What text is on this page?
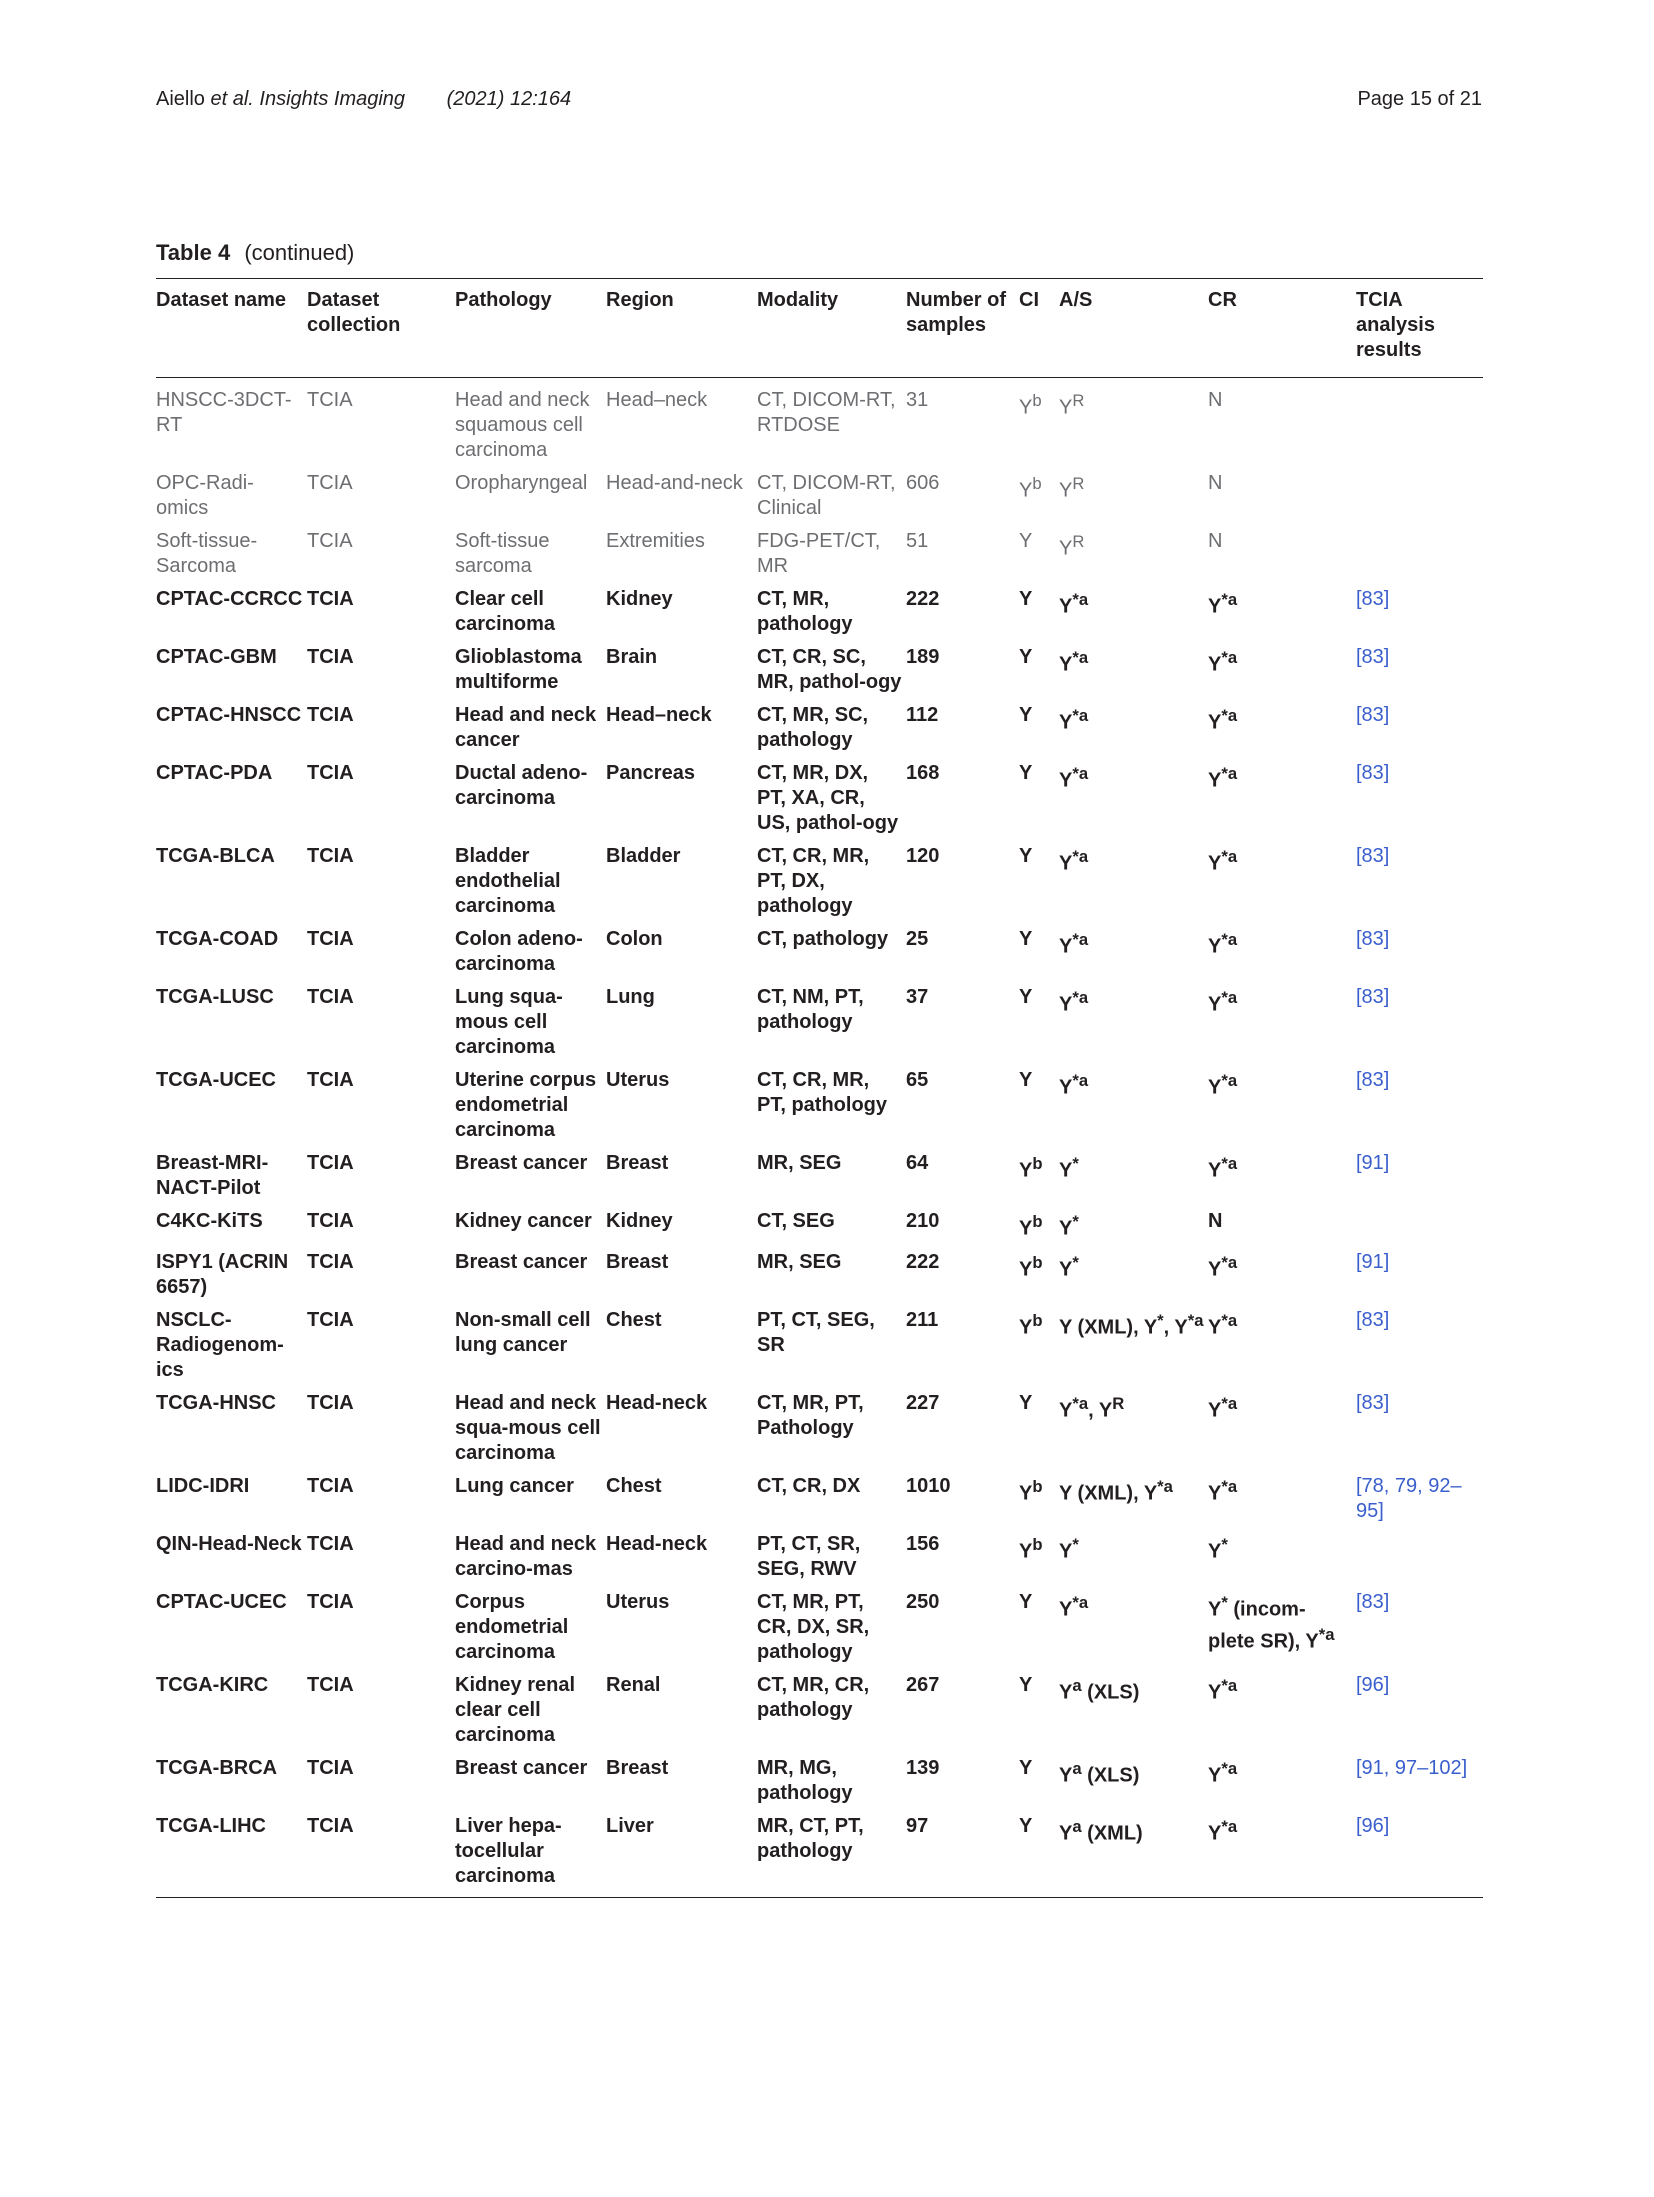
Aiello et al. Insights Imaging (2021) 12:164	Page 15 of 21
Table 4 (continued)
Dataset name	Dataset collection	Pathology	Region	Modality	Number of samples	CI	A/S	CR	TCIA analysis results
HNSCC-3DCT-RT	TCIA	Head and neck squamous cell carcinoma	Head–neck	CT, DICOM-RT, RTDOSE	31	$Y^b$	$Y^R$	N	
OPC-Radi-omics	TCIA	Oropharyngeal	Head-and-neck	CT, DICOM-RT, Clinical	606	$Y^b$	$Y^R$	N	
Soft-tissue-Sarcoma	TCIA	Soft-tissue sarcoma	Extremities	FDG-PET/CT, MR	51	Y	$Y^R$	N	
CPTAC-CCRCC	TCIA	Clear cell carcinoma	Kidney	CT, MR, pathology	222	Y	$Y^{*a}$	$Y^{*a}$	[83]
CPTAC-GBM	TCIA	Glioblastoma multiforme	Brain	CT, CR, SC, MR, pathol-ogy	189	Y	$Y^{*a}$	$Y^{*a}$	[83]
CPTAC-HNSCC	TCIA	Head and neck cancer	Head–neck	CT, MR, SC, pathology	112	Y	$Y^{*a}$	$Y^{*a}$	[83]
CPTAC-PDA	TCIA	Ductal adeno-carcinoma	Pancreas	CT, MR, DX, PT, XA, CR, US, pathol-ogy	168	Y	$Y^{*a}$	$Y^{*a}$	[83]
TCGA-BLCA	TCIA	Bladder endothelial carcinoma	Bladder	CT, CR, MR, PT, DX, pathology	120	Y	$Y^{*a}$	$Y^{*a}$	[83]
TCGA-COAD	TCIA	Colon adeno-carcinoma	Colon	CT, pathology	25	Y	$Y^{*a}$	$Y^{*a}$	[83]
TCGA-LUSC	TCIA	Lung squa-mous cell carcinoma	Lung	CT, NM, PT, pathology	37	Y	$Y^{*a}$	$Y^{*a}$	[83]
TCGA-UCEC	TCIA	Uterine corpus endometrial carcinoma	Uterus	CT, CR, MR, PT, pathology	65	Y	$Y^{*a}$	$Y^{*a}$	[83]
Breast-MRI-NACT-Pilot	TCIA	Breast cancer	Breast	MR, SEG	64	$Y^b$	Y*	$Y^{*a}$	[91]
C4KC-KiTS	TCIA	Kidney cancer	Kidney	CT, SEG	210	$Y^b$	Y*	N	
ISPY1 (ACRIN 6657)	TCIA	Breast cancer	Breast	MR, SEG	222	$Y^b$	Y*	$Y^{*a}$	[91]
NSCLC-Radiogenom-ics	TCIA	Non-small cell lung cancer	Chest	PT, CT, SEG, SR	211	$Y^b$	Y (XML), Y*, $Y^{*a}$	$Y^{*a}$	[83]
TCGA-HNSC	TCIA	Head and neck squa-mous cell carcinoma	Head-neck	CT, MR, PT, Pathology	227	Y	$Y^{*a}$, $Y^R$	$Y^{*a}$	[83]
LIDC-IDRI	TCIA	Lung cancer	Chest	CT, CR, DX	1010	$Y^b$	Y (XML), $Y^{*a}$	$Y^{*a}$	[78, 79, 92–95]
QIN-Head-Neck	TCIA	Head and neck carcino-mas	Head-neck	PT, CT, SR, SEG, RWV	156	$Y^b$	Y*	Y*	
CPTAC-UCEC	TCIA	Corpus endometrial carcinoma	Uterus	CT, MR, PT, CR, DX, SR, pathology	250	Y	$Y^{*a}$	Y* (incom-plete SR), $Y^{*a}$	[83]
TCGA-KIRC	TCIA	Kidney renal clear cell carcinoma	Renal	CT, MR, CR, pathology	267	Y	$Y^a$ (XLS)	$Y^{*a}$	[96]
TCGA-BRCA	TCIA	Breast cancer	Breast	MR, MG, pathology	139	Y	$Y^a$ (XLS)	$Y^{*a}$	[91, 97–102]
TCGA-LIHC	TCIA	Liver hepa-tocellular carcinoma	Liver	MR, CT, PT, pathology	97	Y	$Y^a$ (XML)	$Y^{*a}$	[96]
